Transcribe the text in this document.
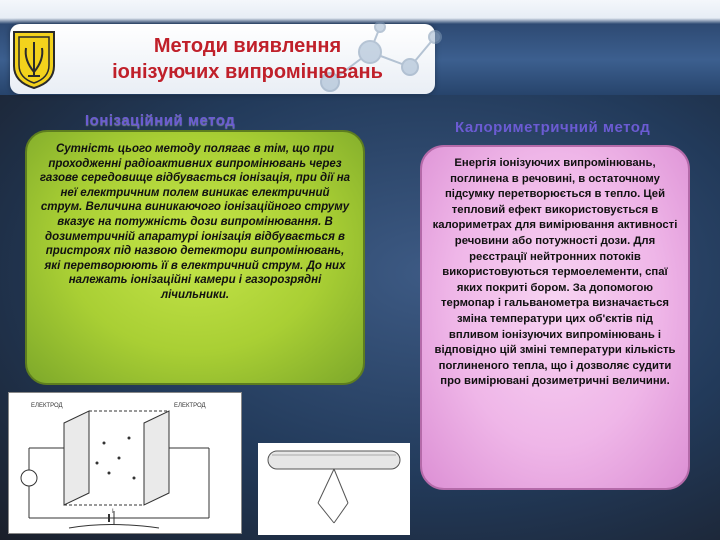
Методи виявлення
іонізуючих випромінювань
Іонізаційний метод	Калориметричний метод
Сутність цього методу полягає в тім, що при проходженні радіоактивних випромінювань через газове середовище відбувається іонізація, при дії на неї електричним полем виникає електричний струм. Величина виникаючого іонізаційного струму вказує на потужність дози випромінювання. В дозиметричній апаратурі іонізація відбувається в пристроях під назвою детектори випромінювань, які перетворюють її в електричний струм. До них належать іонізаційні камери і газорозрядні лічильники.
Енергія іонізуючих випромінювань, поглинена в речовині, в остаточному підсумку перетворюється в тепло. Цей тепловий ефект використовується в калориметрах для вимірювання активності речовини або потужності дози. Для реєстрації нейтронних потоків використовуються термоелементи, спаї яких покриті бором. За допомогою термопар і гальванометра визначається зміна температури цих об'єктів під впливом іонізуючих випромінювань і відповідно цій зміні температури кількість поглиненого тепла, що і дозволяє судити про вимірювані дозиметричні величини.
ЕЛЕКТРОД	ЕЛЕКТРОД
I
